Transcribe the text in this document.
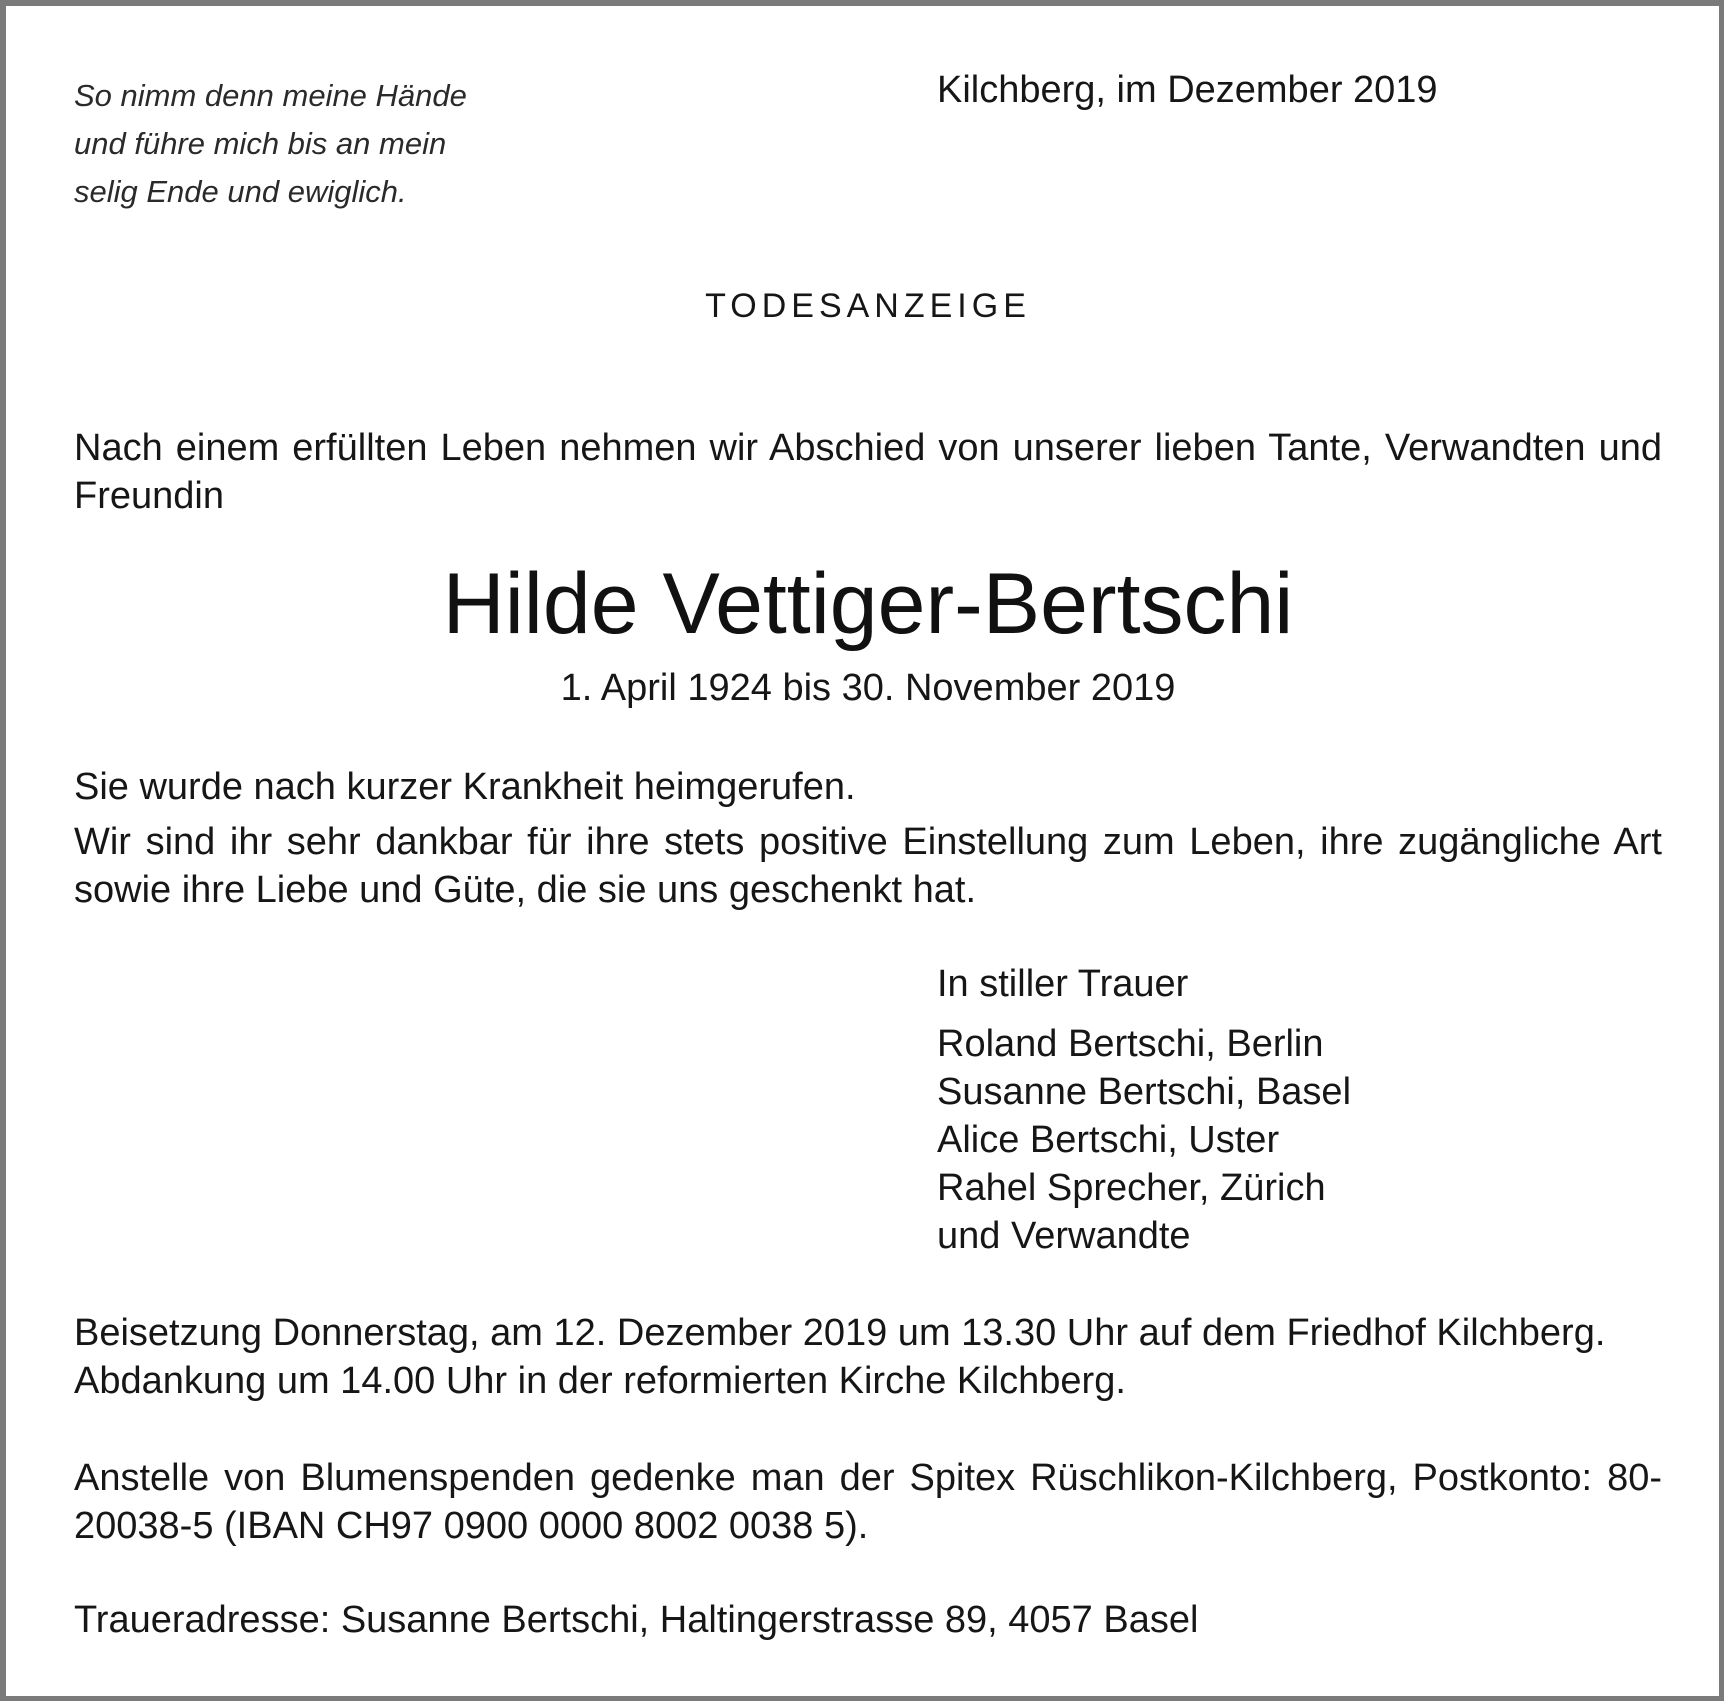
So nimm denn meine Hände
und führe mich bis an mein
selig Ende und ewiglich.
Kilchberg, im Dezember 2019
TODESANZEIGE

Nach einem erfüllten Leben nehmen wir Abschied von unserer lieben Tante, Verwandten und Freundin

Hilde Vettiger-Bertschi
1. April 1924 bis 30. November 2019
Sie wurde nach kurzer Krankheit heimgerufen.

Wir sind ihr sehr dankbar für ihre stets positive Einstellung zum Leben, ihre zugängliche Art sowie ihre Liebe und Güte, die sie uns geschenkt hat.

In stiller Trauer
Roland Bertschi, Berlin
Susanne Bertschi, Basel
Alice Bertschi, Uster
Rahel Sprecher, Zürich
und Verwandte
Beisetzung Donnerstag, am 12. Dezember 2019 um 13.30 Uhr auf dem Friedhof Kilchberg.
Abdankung um 14.00 Uhr in der reformierten Kirche Kilchberg.

Anstelle von Blumenspenden gedenke man der Spitex Rüschlikon-Kilchberg, Postkonto: 80-20038-5 (IBAN CH97 0900 0000 8002 0038 5).

Traueradresse: Susanne Bertschi, Haltingerstrasse 89, 4057 Basel
